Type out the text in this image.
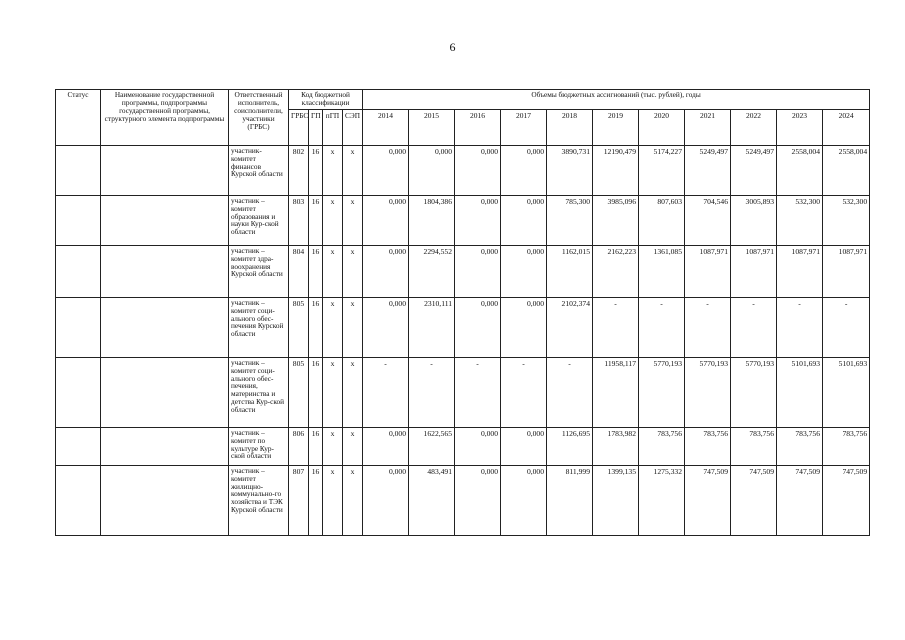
6
Статус	Наименование государственной программы, подпрограммы государственной программы, структурного элемента подпрограммы	Ответственный исполнитель, соисполнители, участники (ГРБС)	Код бюджетной классификации				Объемы бюджетных ассигнований (тыс. рублей), годы										
			ГРБС	ГП	пГП	СЭП	2014	2015	2016	2017	2018	2019	2020	2021	2022	2023	2024
		участник- комитет финансов Курской области	802	16	x	x	0,000	0,000	0,000	0,000	3890,731	12190,479	5174,227	5249,497	5249,497	2558,004	2558,004
		участник – комитет образования и науки Кур-ской области	803	16	x	x	0,000	1804,386	0,000	0,000	785,300	3985,096	807,603	704,546	3005,893	532,300	532,300
		участник – комитет здра-воохранения Курской области	804	16	x	x	0,000	2294,552	0,000	0,000	1162,015	2162,223	1361,085	1087,971	1087,971	1087,971	1087,971
		участник – комитет соци-ального обес-печения Курской области	805	16	x	x	0,000	2310,111	0,000	0,000	2102,374	-	-	-	-	-	-
		участник – комитет соци-ального обес-печения, материнства и детства Кур-ской области	805	16	x	x	-	-	-	-	-	11958,117	5770,193	5770,193	5770,193	5101,693	5101,693
		участник – комитет по культуре Кур-ской области	806	16	x	x	0,000	1622,565	0,000	0,000	1126,695	1783,982	783,756	783,756	783,756	783,756	783,756
		участник – комитет жилищно-коммунально-го хозяйства и ТЭК Курской области	807	16	x	x	0,000	483,491	0,000	0,000	811,999	1399,135	1275,332	747,509	747,509	747,509	747,509
